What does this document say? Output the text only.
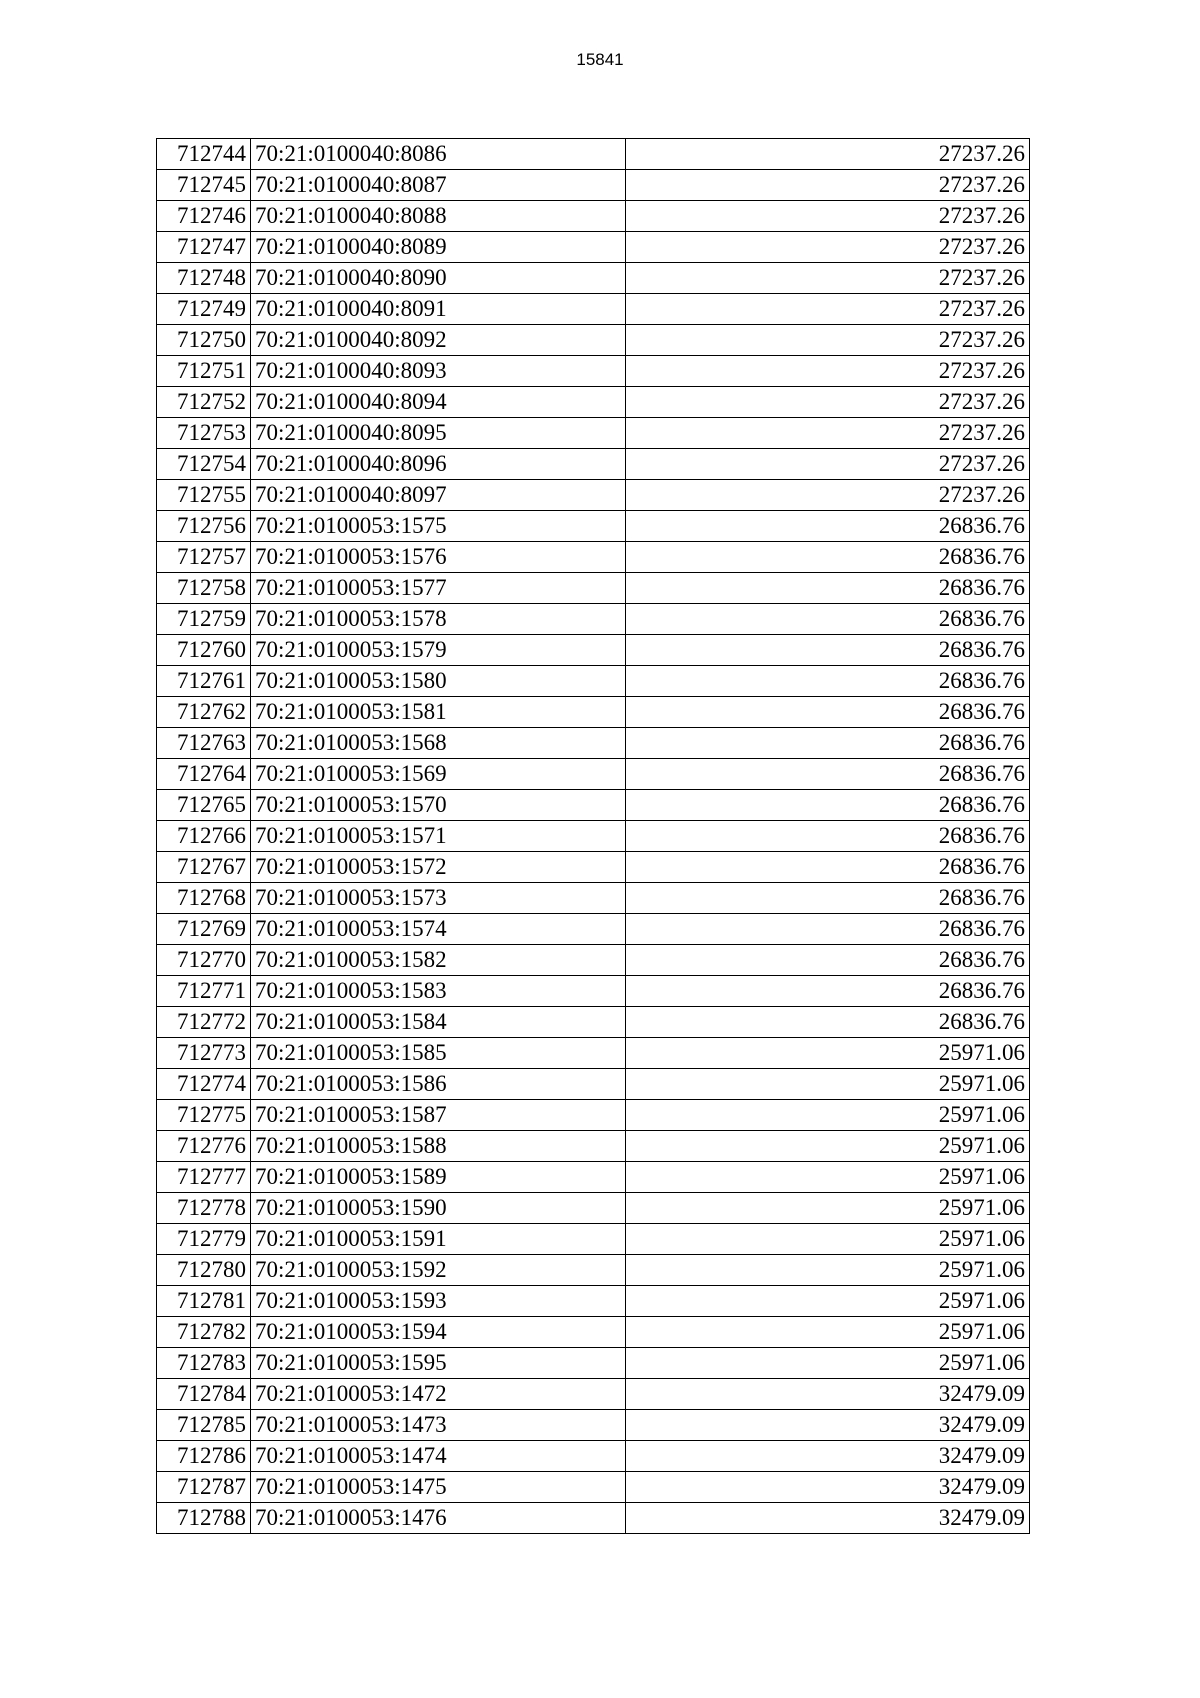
15841
712744	70:21:0100040:8086	27237.26
712745	70:21:0100040:8087	27237.26
712746	70:21:0100040:8088	27237.26
712747	70:21:0100040:8089	27237.26
712748	70:21:0100040:8090	27237.26
712749	70:21:0100040:8091	27237.26
712750	70:21:0100040:8092	27237.26
712751	70:21:0100040:8093	27237.26
712752	70:21:0100040:8094	27237.26
712753	70:21:0100040:8095	27237.26
712754	70:21:0100040:8096	27237.26
712755	70:21:0100040:8097	27237.26
712756	70:21:0100053:1575	26836.76
712757	70:21:0100053:1576	26836.76
712758	70:21:0100053:1577	26836.76
712759	70:21:0100053:1578	26836.76
712760	70:21:0100053:1579	26836.76
712761	70:21:0100053:1580	26836.76
712762	70:21:0100053:1581	26836.76
712763	70:21:0100053:1568	26836.76
712764	70:21:0100053:1569	26836.76
712765	70:21:0100053:1570	26836.76
712766	70:21:0100053:1571	26836.76
712767	70:21:0100053:1572	26836.76
712768	70:21:0100053:1573	26836.76
712769	70:21:0100053:1574	26836.76
712770	70:21:0100053:1582	26836.76
712771	70:21:0100053:1583	26836.76
712772	70:21:0100053:1584	26836.76
712773	70:21:0100053:1585	25971.06
712774	70:21:0100053:1586	25971.06
712775	70:21:0100053:1587	25971.06
712776	70:21:0100053:1588	25971.06
712777	70:21:0100053:1589	25971.06
712778	70:21:0100053:1590	25971.06
712779	70:21:0100053:1591	25971.06
712780	70:21:0100053:1592	25971.06
712781	70:21:0100053:1593	25971.06
712782	70:21:0100053:1594	25971.06
712783	70:21:0100053:1595	25971.06
712784	70:21:0100053:1472	32479.09
712785	70:21:0100053:1473	32479.09
712786	70:21:0100053:1474	32479.09
712787	70:21:0100053:1475	32479.09
712788	70:21:0100053:1476	32479.09
